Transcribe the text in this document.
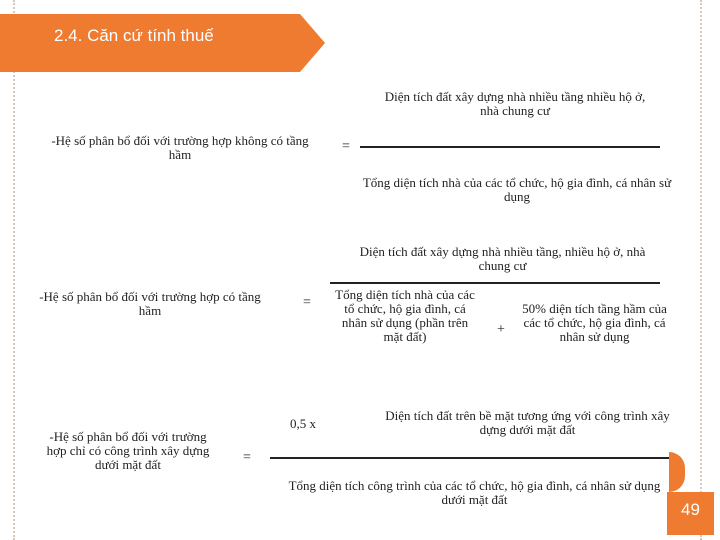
2.4. Căn cứ tính thuế
Diện tích đất xây dựng nhà nhiều tầng nhiều hộ ở, nhà chung cư
-Hệ số phân bổ đối với trường hợp không có tầng hầm
=
Tổng diện tích nhà của các tổ chức, hộ gia đình, cá nhân sử dụng
Diện tích đất xây dựng nhà nhiều tầng, nhiều hộ ở, nhà chung cư
-Hệ số phân bổ đối với trường hợp có tầng hầm
=
Tổng diện tích nhà của các tổ chức, hộ gia đình, cá nhân sử dụng (phần trên mặt đất)	+
50% diện tích tầng hầm của các tổ chức, hộ gia đình, cá nhân sử dụng
-Hệ số phân bổ đối với trường hợp chỉ có công trình xây dựng dưới mặt đất
0,5 x
Diện tích đất trên bề mặt tương ứng với công trình xây dựng dưới mặt đất
=
Tổng diện tích công trình của các tổ chức, hộ gia đình, cá nhân sử dụng dưới mặt đất
49
